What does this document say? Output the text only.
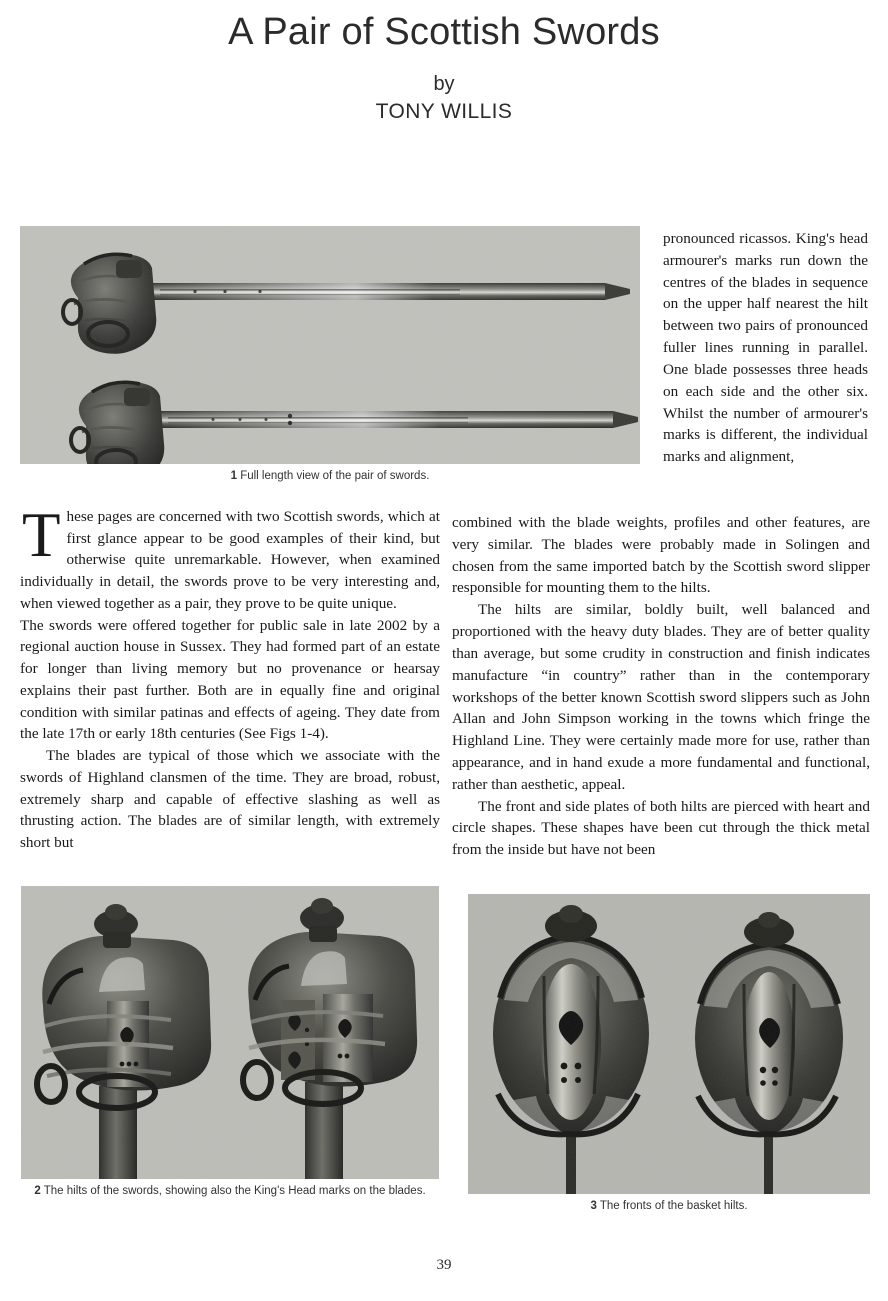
A Pair of Scottish Swords
by
TONY WILLIS
1 Full length view of the pair of swords.

pronounced ricassos. King's head armourer's marks run down the centres of the blades in sequence on the upper half nearest the hilt between two pairs of pronounced fuller lines running in parallel. One blade possesses three heads on each side and the other six. Whilst the number of armourer's marks is different, the individual marks and alignment,

These pages are concerned with two Scottish swords, which at first glance appear to be good examples of their kind, but otherwise quite unremarkable. However, when examined individually in detail, the swords prove to be very interesting and, when viewed together as a pair, they prove to be quite unique.

The swords were offered together for public sale in late 2002 by a regional auction house in Sussex. They had formed part of an estate for longer than living memory but no provenance or hearsay explains their past further. Both are in equally fine and original condition with similar patinas and effects of ageing. They date from the late 17th or early 18th centuries (See Figs 1-4).

The blades are typical of those which we associate with the swords of Highland clansmen of the time. They are broad, robust, extremely sharp and capable of effective slashing as well as thrusting action. The blades are of similar length, with extremely short but

combined with the blade weights, profiles and other features, are very similar. The blades were probably made in Solingen and chosen from the same imported batch by the Scottish sword slipper responsible for mounting them to the hilts.

The hilts are similar, boldly built, well balanced and proportioned with the heavy duty blades. They are of better quality than average, but some crudity in construction and finish indicates manufacture “in country” rather than in the contemporary workshops of the better known Scottish sword slippers such as John Allan and John Simpson working in the towns which fringe the Highland Line. They were certainly made more for use, rather than appearance, and in hand exude a more fundamental and functional, rather than aesthetic, appeal.

The front and side plates of both hilts are pierced with heart and circle shapes. These shapes have been cut through the thick metal from the inside but have not been

2 The hilts of the swords, showing also the King's Head marks on the blades.
3 The fronts of the basket hilts.
39
